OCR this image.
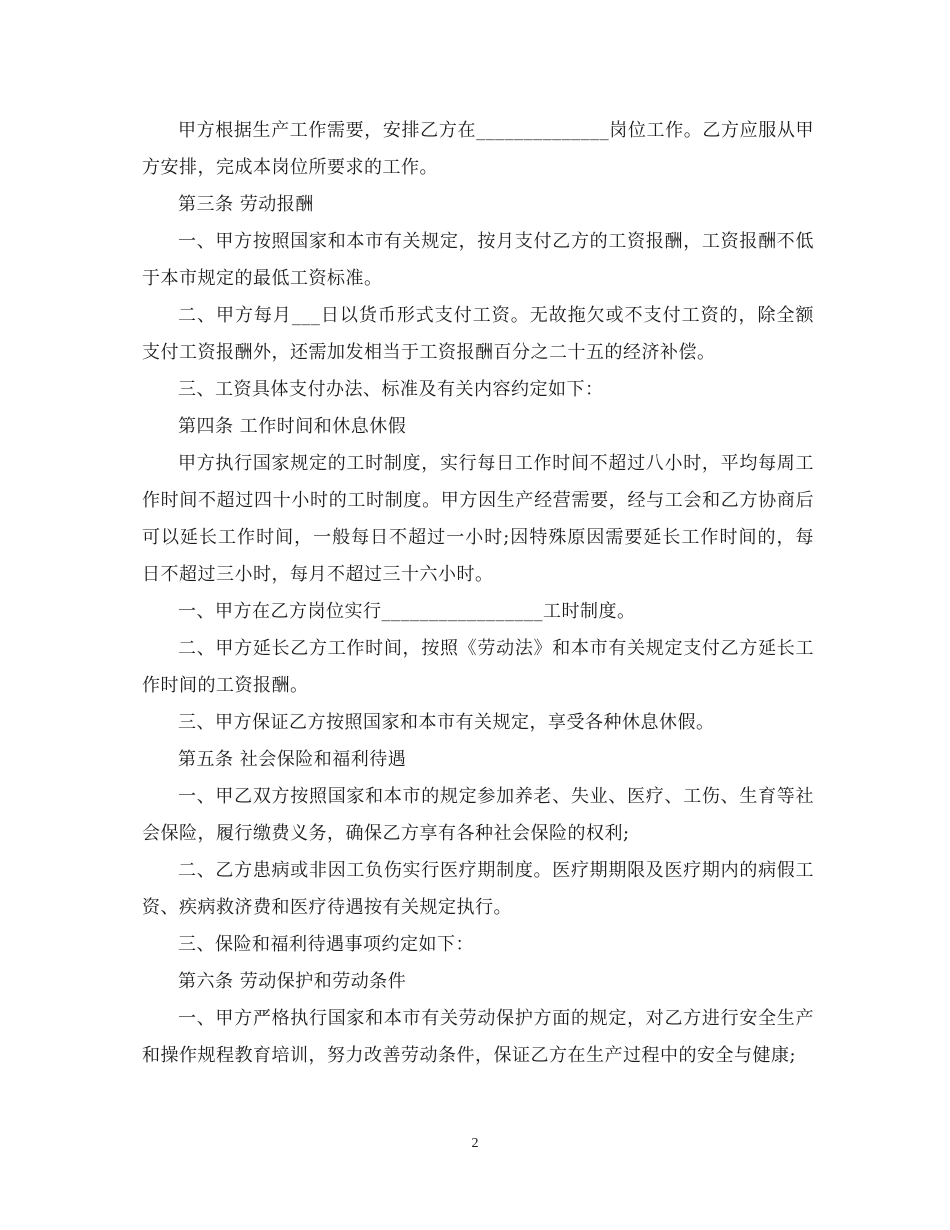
甲方根据生产工作需要，安排乙方在______________岗位工作。乙方应服从甲方安排，完成本岗位所要求的工作。

第三条 劳动报酬

一、甲方按照国家和本市有关规定，按月支付乙方的工资报酬，工资报酬不低于本市规定的最低工资标准。

二、甲方每月___日以货币形式支付工资。无故拖欠或不支付工资的，除全额支付工资报酬外，还需加发相当于工资报酬百分之二十五的经济补偿。

三、工资具体支付办法、标准及有关内容约定如下：

第四条 工作时间和休息休假

甲方执行国家规定的工时制度，实行每日工作时间不超过八小时，平均每周工作时间不超过四十小时的工时制度。甲方因生产经营需要，经与工会和乙方协商后可以延长工作时间，一般每日不超过一小时;因特殊原因需要延长工作时间的，每日不超过三小时，每月不超过三十六小时。

一、甲方在乙方岗位实行_________________工时制度。

二、甲方延长乙方工作时间，按照《劳动法》和本市有关规定支付乙方延长工作时间的工资报酬。

三、甲方保证乙方按照国家和本市有关规定，享受各种休息休假。

第五条 社会保险和福利待遇

一、甲乙双方按照国家和本市的规定参加养老、失业、医疗、工伤、生育等社会保险，履行缴费义务，确保乙方享有各种社会保险的权利;

二、乙方患病或非因工负伤实行医疗期制度。医疗期期限及医疗期内的病假工资、疾病救济费和医疗待遇按有关规定执行。

三、保险和福利待遇事项约定如下：

第六条 劳动保护和劳动条件

一、甲方严格执行国家和本市有关劳动保护方面的规定，对乙方进行安全生产和操作规程教育培训，努力改善劳动条件，保证乙方在生产过程中的安全与健康;

2
